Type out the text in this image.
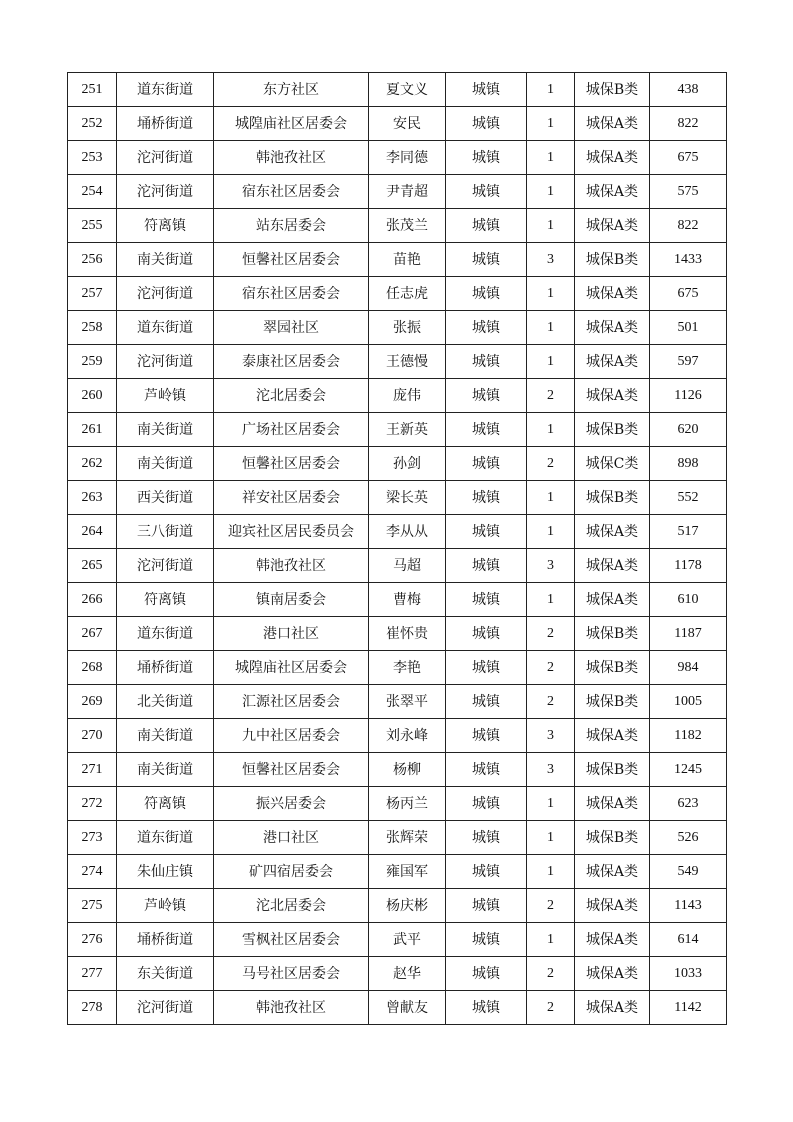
251	道东街道	东方社区	夏文义	城镇	1	城保B类	438
252	埇桥街道	城隍庙社区居委会	安民	城镇	1	城保A类	822
253	沱河街道	韩池孜社区	李同德	城镇	1	城保A类	675
254	沱河街道	宿东社区居委会	尹青超	城镇	1	城保A类	575
255	符离镇	站东居委会	张茂兰	城镇	1	城保A类	822
256	南关街道	恒馨社区居委会	苗艳	城镇	3	城保B类	1433
257	沱河街道	宿东社区居委会	任志虎	城镇	1	城保A类	675
258	道东街道	翠园社区	张振	城镇	1	城保A类	501
259	沱河街道	泰康社区居委会	王德慢	城镇	1	城保A类	597
260	芦岭镇	沱北居委会	庞伟	城镇	2	城保A类	1126
261	南关街道	广场社区居委会	王新英	城镇	1	城保B类	620
262	南关街道	恒馨社区居委会	孙剑	城镇	2	城保C类	898
263	西关街道	祥安社区居委会	梁长英	城镇	1	城保B类	552
264	三八街道	迎宾社区居民委员会	李从从	城镇	1	城保A类	517
265	沱河街道	韩池孜社区	马超	城镇	3	城保A类	1178
266	符离镇	镇南居委会	曹梅	城镇	1	城保A类	610
267	道东街道	港口社区	崔怀贵	城镇	2	城保B类	1187
268	埇桥街道	城隍庙社区居委会	李艳	城镇	2	城保B类	984
269	北关街道	汇源社区居委会	张翠平	城镇	2	城保B类	1005
270	南关街道	九中社区居委会	刘永峰	城镇	3	城保A类	1182
271	南关街道	恒馨社区居委会	杨柳	城镇	3	城保B类	1245
272	符离镇	振兴居委会	杨丙兰	城镇	1	城保A类	623
273	道东街道	港口社区	张辉荣	城镇	1	城保B类	526
274	朱仙庄镇	矿四宿居委会	雍国军	城镇	1	城保A类	549
275	芦岭镇	沱北居委会	杨庆彬	城镇	2	城保A类	1143
276	埇桥街道	雪枫社区居委会	武平	城镇	1	城保A类	614
277	东关街道	马号社区居委会	赵华	城镇	2	城保A类	1033
278	沱河街道	韩池孜社区	曾献友	城镇	2	城保A类	1142
